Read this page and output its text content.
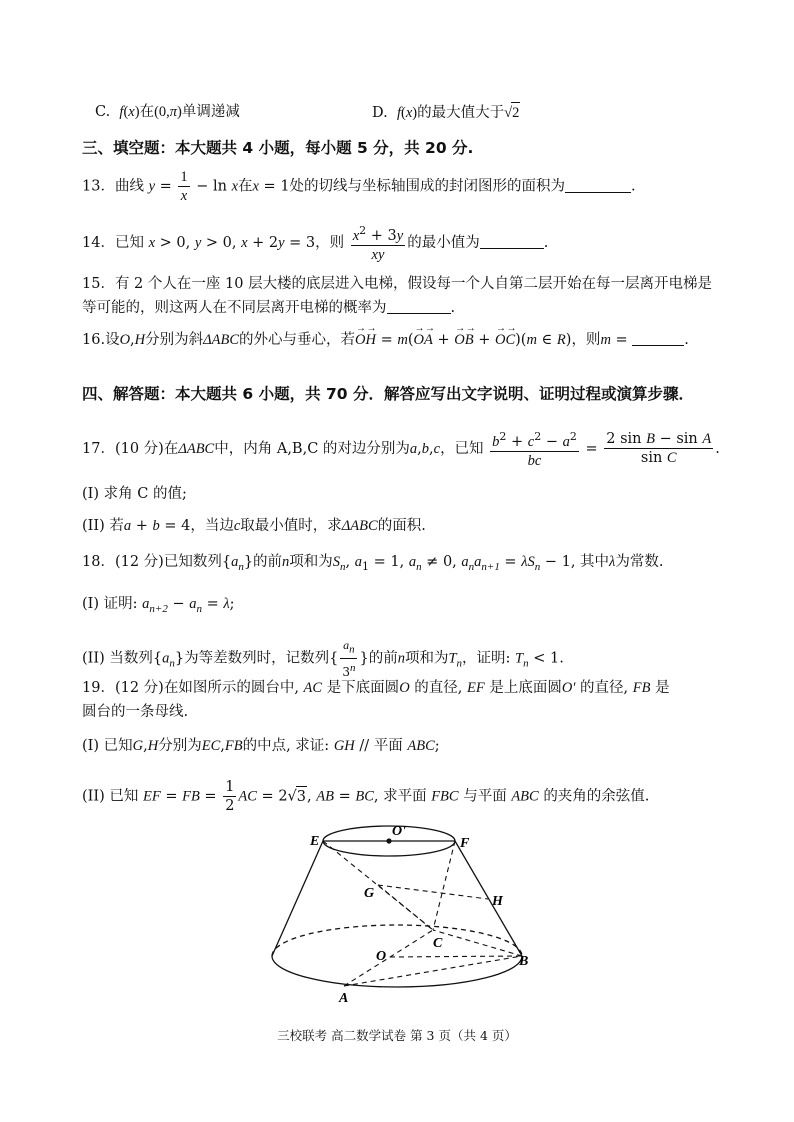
C. f(x)在(0,π)单调递减	D. f(x)的最大值大于√2
三、填空题：本大题共 4 小题，每小题 5 分，共 20 分.
13．曲线 $y = \frac{1}{x} - \ln x$在x = 1处的切线与坐标轴围成的封闭图形的面积为	.
14．已知 x > 0, y > 0, x + 2y = 3，则 $\frac{x^2 + 3y}{xy}$ 的最小值为	.
15．有 2 个人在一座 10 层大楼的底层进入电梯，假设每一个人自第二层开始在每一层离开电梯是
等可能的，则这两人在不同层离开电梯的概率为	.
16.设O,H分别为斜ΔABC的外心与垂心，若O →H → = m(O →A → + O →B → + O →C →)(m ∈ R)，则m =	.
四、解答题：本大题共 6 小题，共 70 分．解答应写出文字说明、证明过程或演算步骤．
17．(10 分)在ΔABC中，内角 A,B,C 的对边分别为a,b,c，已知 $\frac{b^2 + c^2 - a^2}{bc} = \frac{\text{2 sin B − sin A}}{\text{sin C}}$ .
(I) 求角 C 的值;
(II) 若a + b = 4，当边c取最小值时，求ΔABC的面积.
18．(12 分)已知数列$\{a_n\}$的前n项和为$S_n$, $a_1 = 1$, $a_n \ne 0$, $a_na_{n+1} = \lambda S_n - 1$, 其中λ为常数.
(I) 证明: $a_{n+2} - a_n = \lambda$;
(II) 当数列$\{a_n\}$为等差数列时，记数列{ $\frac{a_n}{3^n}$ }的前n项和为$T_n$，证明: $T_n < 1$.
19．(12 分)在如图所示的圆台中, AC 是下底面圆O 的直径, EF 是上底面圆O' 的直径, FB 是
圆台的一条母线.
(I) 已知G,H分别为EC,FB的中点, 求证: GH // 平面 ABC;
(II) 已知 EF = FB = $\frac{1}{2}$ AC = 2√3, AB = BC, 求平面 FBC 与平面 ABC 的夹角的余弦值.
E
O'
F
G
H
C
O	B
A
三校联考 高二数学试卷 第 3 页（共 4 页）
